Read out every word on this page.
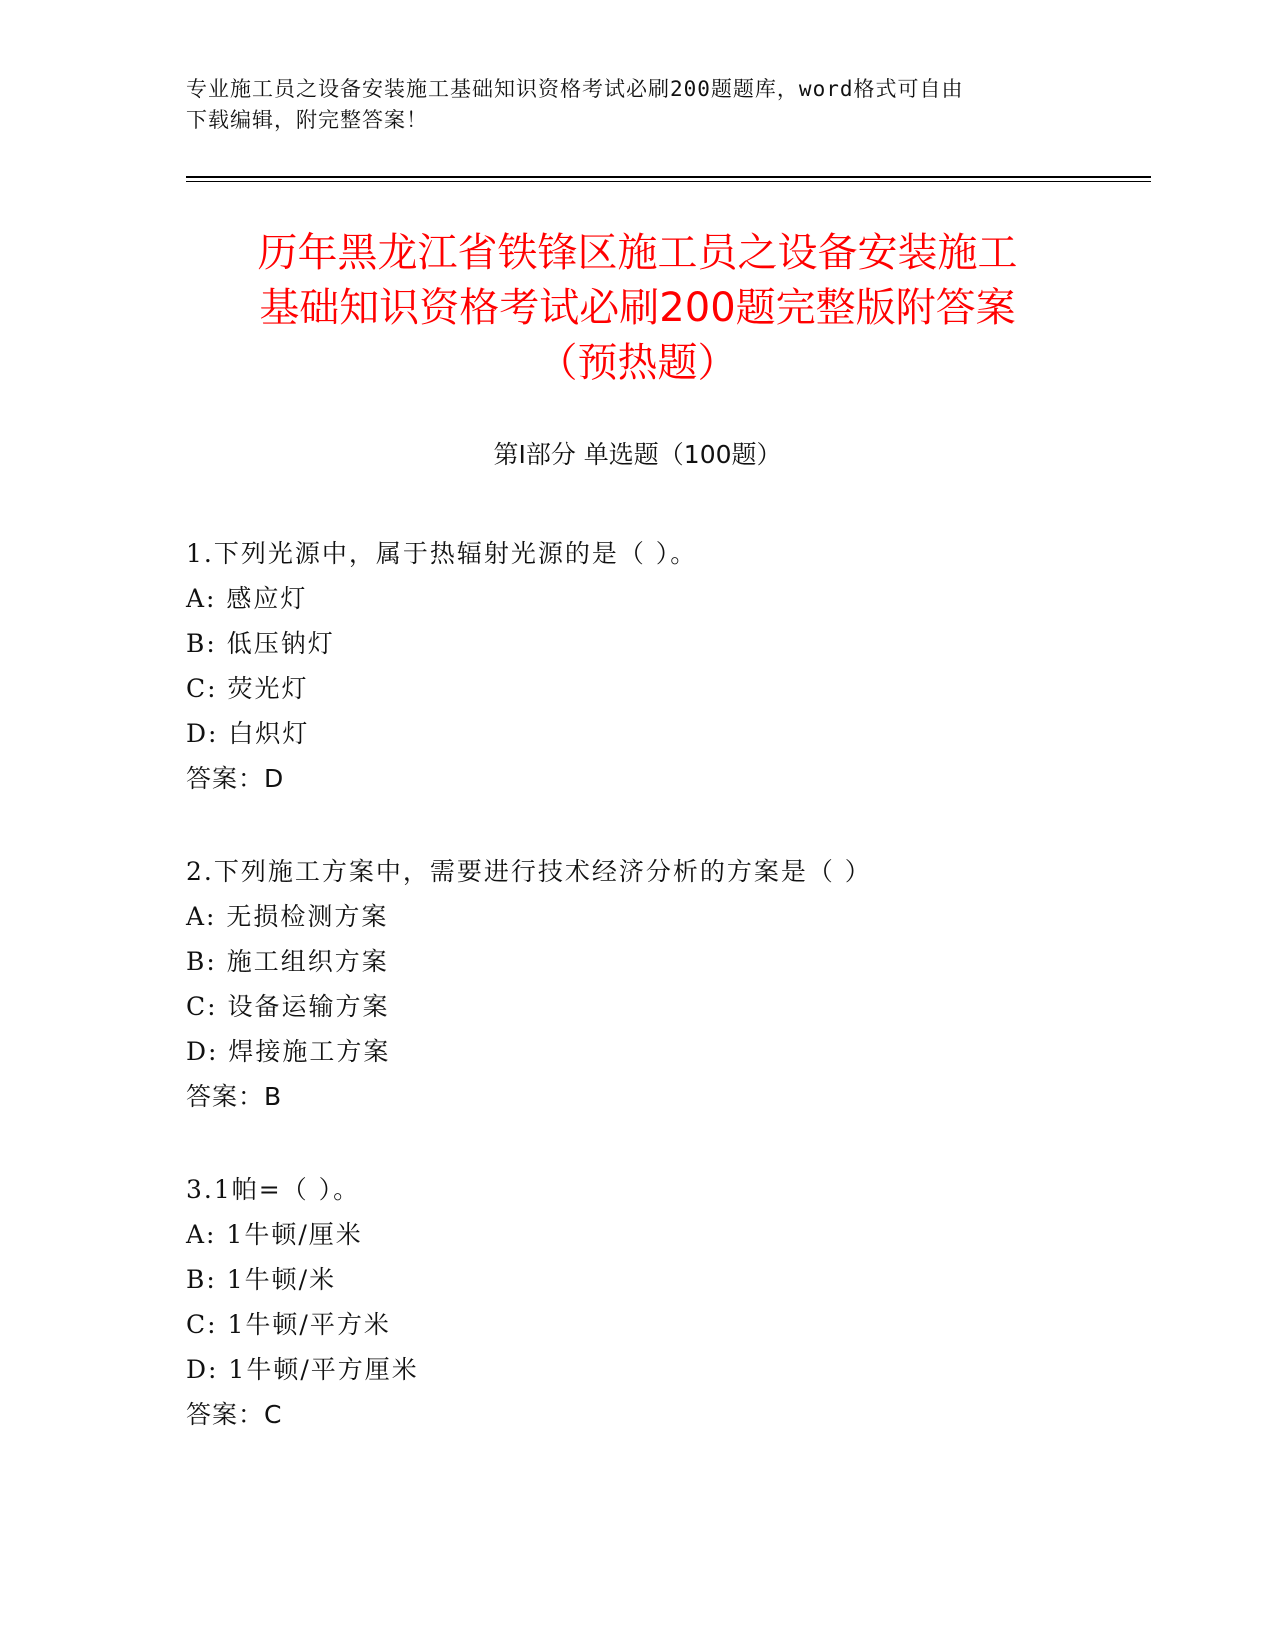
专业施工员之设备安装施工基础知识资格考试必刷200题题库，word格式可自由
下载编辑，附完整答案！
历年黑龙江省铁锋区施工员之设备安装施工
基础知识资格考试必刷200题完整版附答案
（预热题）
第Ⅰ部分 单选题（100题）
1.下列光源中，属于热辐射光源的是（ ）。
A: 感应灯
B: 低压钠灯
C: 荧光灯
D: 白炽灯
答案：D
2.下列施工方案中，需要进行技术经济分析的方案是（ ）
A: 无损检测方案
B: 施工组织方案
C: 设备运输方案
D: 焊接施工方案
答案：B
3.1帕=（ ）。
A: 1牛顿/厘米
B: 1牛顿/米
C: 1牛顿/平方米
D: 1牛顿/平方厘米
答案：C
